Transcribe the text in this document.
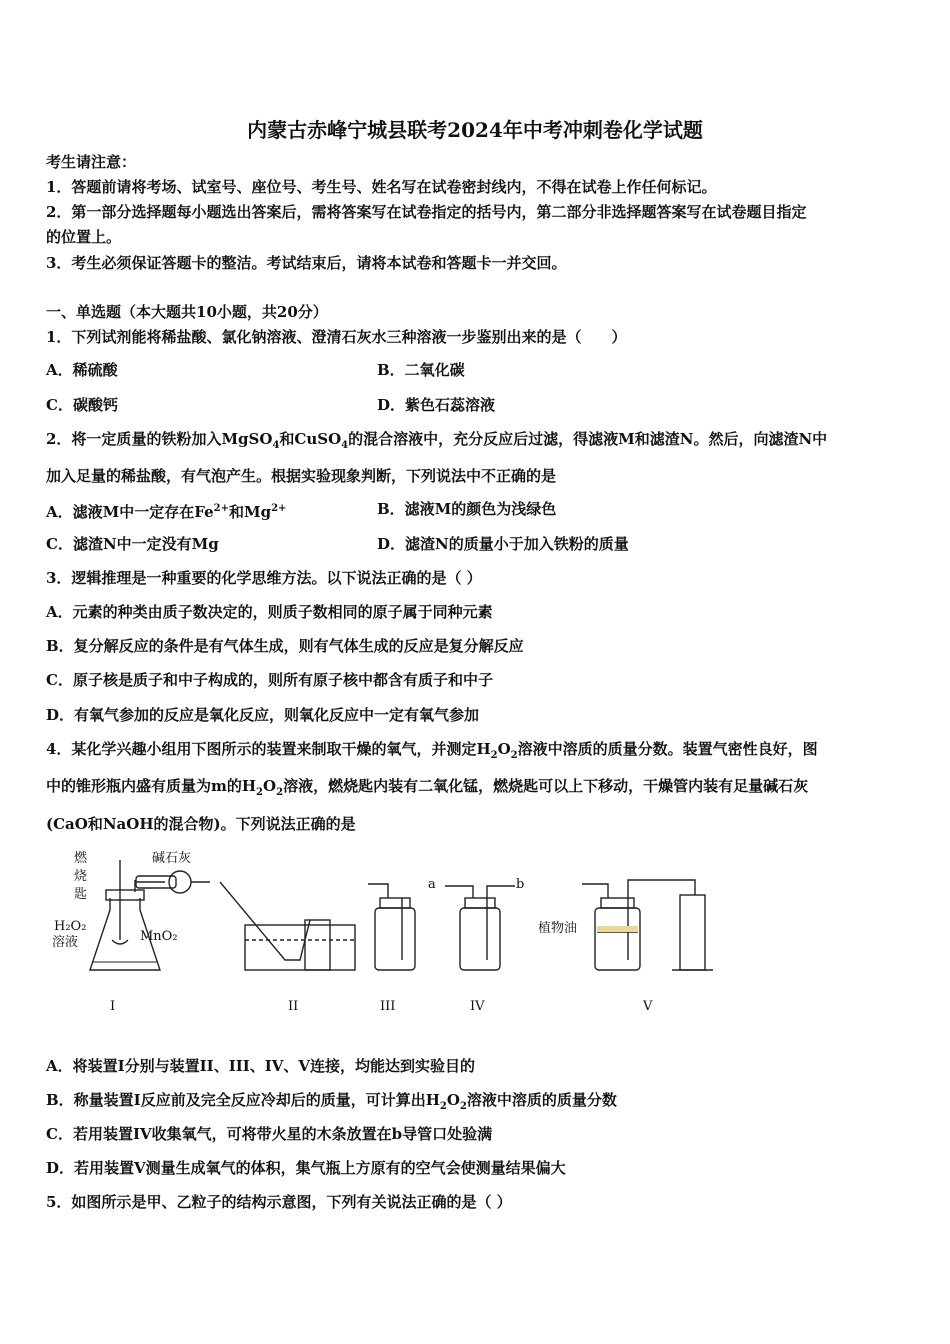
内蒙古赤峰宁城县联考2024年中考冲刺卷化学试题
考生请注意：
1．答题前请将考场、试室号、座位号、考生号、姓名写在试卷密封线内，不得在试卷上作任何标记。
2．第一部分选择题每小题选出答案后，需将答案写在试卷指定的括号内，第二部分非选择题答案写在试卷题目指定
的位置上。
3．考生必须保证答题卡的整洁。考试结束后，请将本试卷和答题卡一并交回。
一、单选题（本大题共10小题，共20分）
1．下列试剂能将稀盐酸、氯化钠溶液、澄清石灰水三种溶液一步鉴别出来的是（　　）
A．稀硫酸	B．二氧化碳
C．碳酸钙	D．紫色石蕊溶液
2．将一定质量的铁粉加入MgSO$_4$和CuSO$_4$的混合溶液中，充分反应后过滤，得滤液M和滤渣N。然后，向滤渣N中
加入足量的稀盐酸，有气泡产生。根据实验现象判断，下列说法中不正确的是
A．滤液M中一定存在$Fe^{2+}$和$Mg^{2+}$	B．滤液M的颜色为浅绿色
C．滤渣N中一定没有Mg	D．滤渣N的质量小于加入铁粉的质量
3．逻辑推理是一种重要的化学思维方法。以下说法正确的是（ ）
A．元素的种类由质子数决定的，则质子数相同的原子属于同种元素
B．复分解反应的条件是有气体生成，则有气体生成的反应是复分解反应
C．原子核是质子和中子构成的，则所有原子核中都含有质子和中子
D．有氧气参加的反应是氧化反应，则氧化反应中一定有氧气参加
4．某化学兴趣小组用下图所示的装置来制取干燥的氧气，并测定$H_2O_2$溶液中溶质的质量分数。装置气密性良好，图
中的锥形瓶内盛有质量为m的$H_2O_2$溶液，燃烧匙内装有二氧化锰，燃烧匙可以上下移动，干燥管内装有足量碱石灰
(CaO和NaOH的混合物)。下列说法正确的是
燃
烧
匙
碱石灰
H₂O₂
溶液	MnO₂
a	b
植物油
I	II	III	IV	V
A．将装置I分别与装置II、III、IV、V连接，均能达到实验目的
B．称量装置I反应前及完全反应冷却后的质量，可计算出$H_2O_2$溶液中溶质的质量分数
C．若用装置IV收集氧气，可将带火星的木条放置在b导管口处验满
D．若用装置V测量生成氧气的体积，集气瓶上方原有的空气会使测量结果偏大
5．如图所示是甲、乙粒子的结构示意图，下列有关说法正确的是（ ）
